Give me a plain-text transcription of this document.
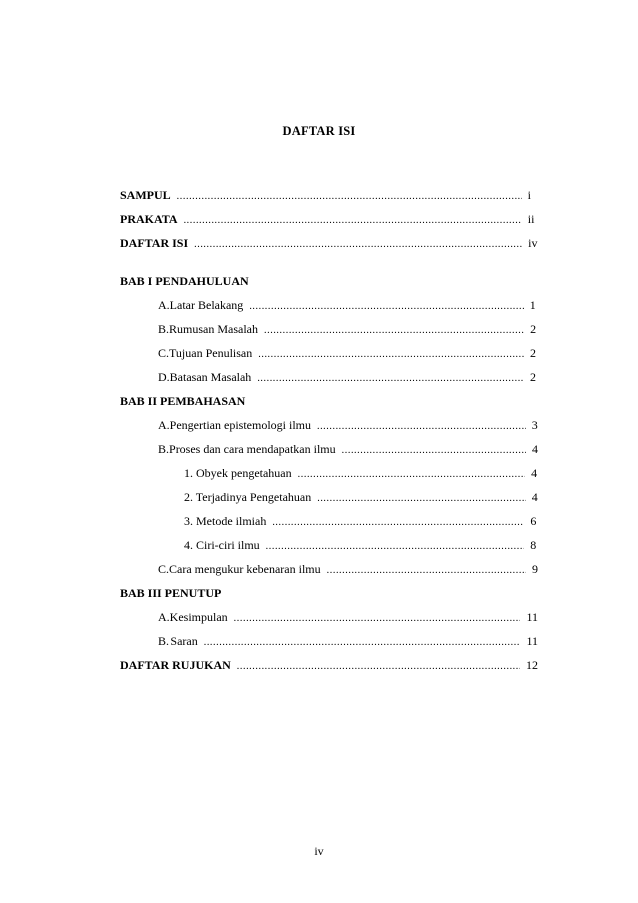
DAFTAR ISI
SAMPUL .....	i
PRAKATA .....	ii
DAFTAR ISI .....	iv
BAB I PENDAHULUAN
A. Latar Belakang .....	1
B. Rumusan Masalah .....	2
C. Tujuan Penulisan .....	2
D. Batasan Masalah .....	2
BAB II PEMBAHASAN
A. Pengertian epistemologi ilmu .....	3
B. Proses dan cara mendapatkan ilmu .....	4
1. Obyek pengetahuan .....	4
2. Terjadinya Pengetahuan .....	4
3. Metode ilmiah .....	6
4. Ciri-ciri ilmu .....	8
C. Cara mengukur kebenaran ilmu .....	9
BAB III PENUTUP
A. Kesimpulan .....	11
B. Saran .....	11
DAFTAR RUJUKAN .....	12
iv
